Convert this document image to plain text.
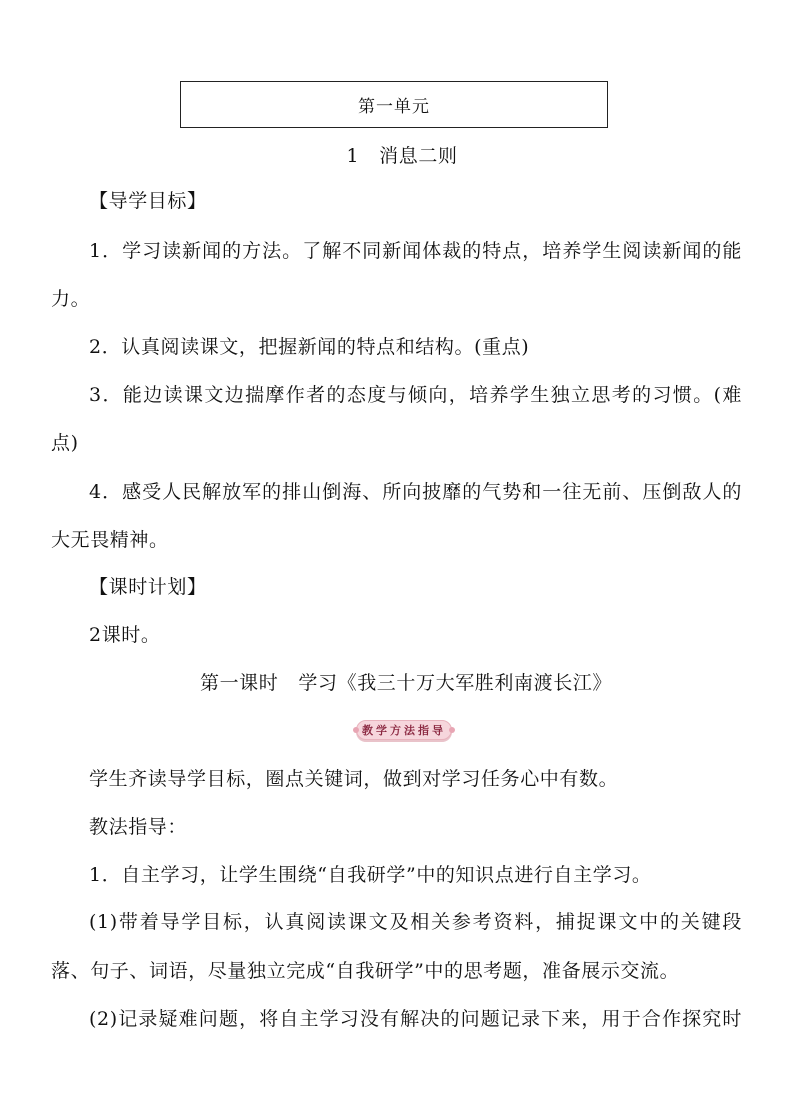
第一单元
1 消息二则
【导学目标】
1．学习读新闻的方法。了解不同新闻体裁的特点，培养学生阅读新闻的能
力。
2．认真阅读课文，把握新闻的特点和结构。(重点)
3．能边读课文边揣摩作者的态度与倾向，培养学生独立思考的习惯。(难
点)
4．感受人民解放军的排山倒海、所向披靡的气势和一往无前、压倒敌人的
大无畏精神。
【课时计划】
2课时。
第一课时 学习《我三十万大军胜利南渡长江》
教学方法指导
学生齐读导学目标，圈点关键词，做到对学习任务心中有数。
教法指导：
1．自主学习，让学生围绕“自我研学”中的知识点进行自主学习。
(1)带着导学目标，认真阅读课文及相关参考资料，捕捉课文中的关键段
落、句子、词语，尽量独立完成“自我研学”中的思考题，准备展示交流。
(2)记录疑难问题，将自主学习没有解决的问题记录下来，用于合作探究时
